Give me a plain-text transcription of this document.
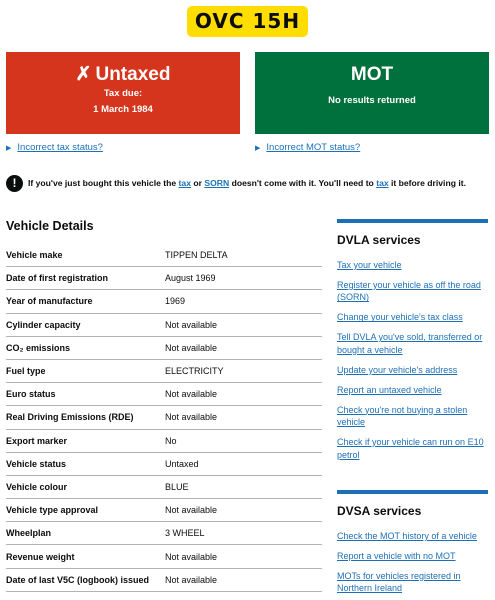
OVC 15H
✗ Untaxed
Tax due:
1 March 1984
MOT
No results returned
▶ Incorrect tax status?	▶ Incorrect MOT status?
!	If you've just bought this vehicle the tax or SORN doesn't come with it. You'll need to tax it before driving it.
Vehicle Details
Vehicle make	TIPPEN DELTA
Date of first registration	August 1969
Year of manufacture	1969
Cylinder capacity	Not available
CO₂ emissions	Not available
Fuel type	ELECTRICITY
Euro status	Not available
Real Driving Emissions (RDE)	Not available
Export marker	No
Vehicle status	Untaxed
Vehicle colour	BLUE
Vehicle type approval	Not available
Wheelplan	3 WHEEL
Revenue weight	Not available
Date of last V5C (logbook) issued	Not available
DVLA services
Tax your vehicle
Register your vehicle as off the road (SORN)
Change your vehicle's tax class
Tell DVLA you've sold, transferred or bought a vehicle
Update your vehicle's address
Report an untaxed vehicle
Check you're not buying a stolen vehicle
Check if your vehicle can run on E10 petrol
DVSA services
Check the MOT history of a vehicle
Report a vehicle with no MOT
MOTs for vehicles registered in Northern Ireland
